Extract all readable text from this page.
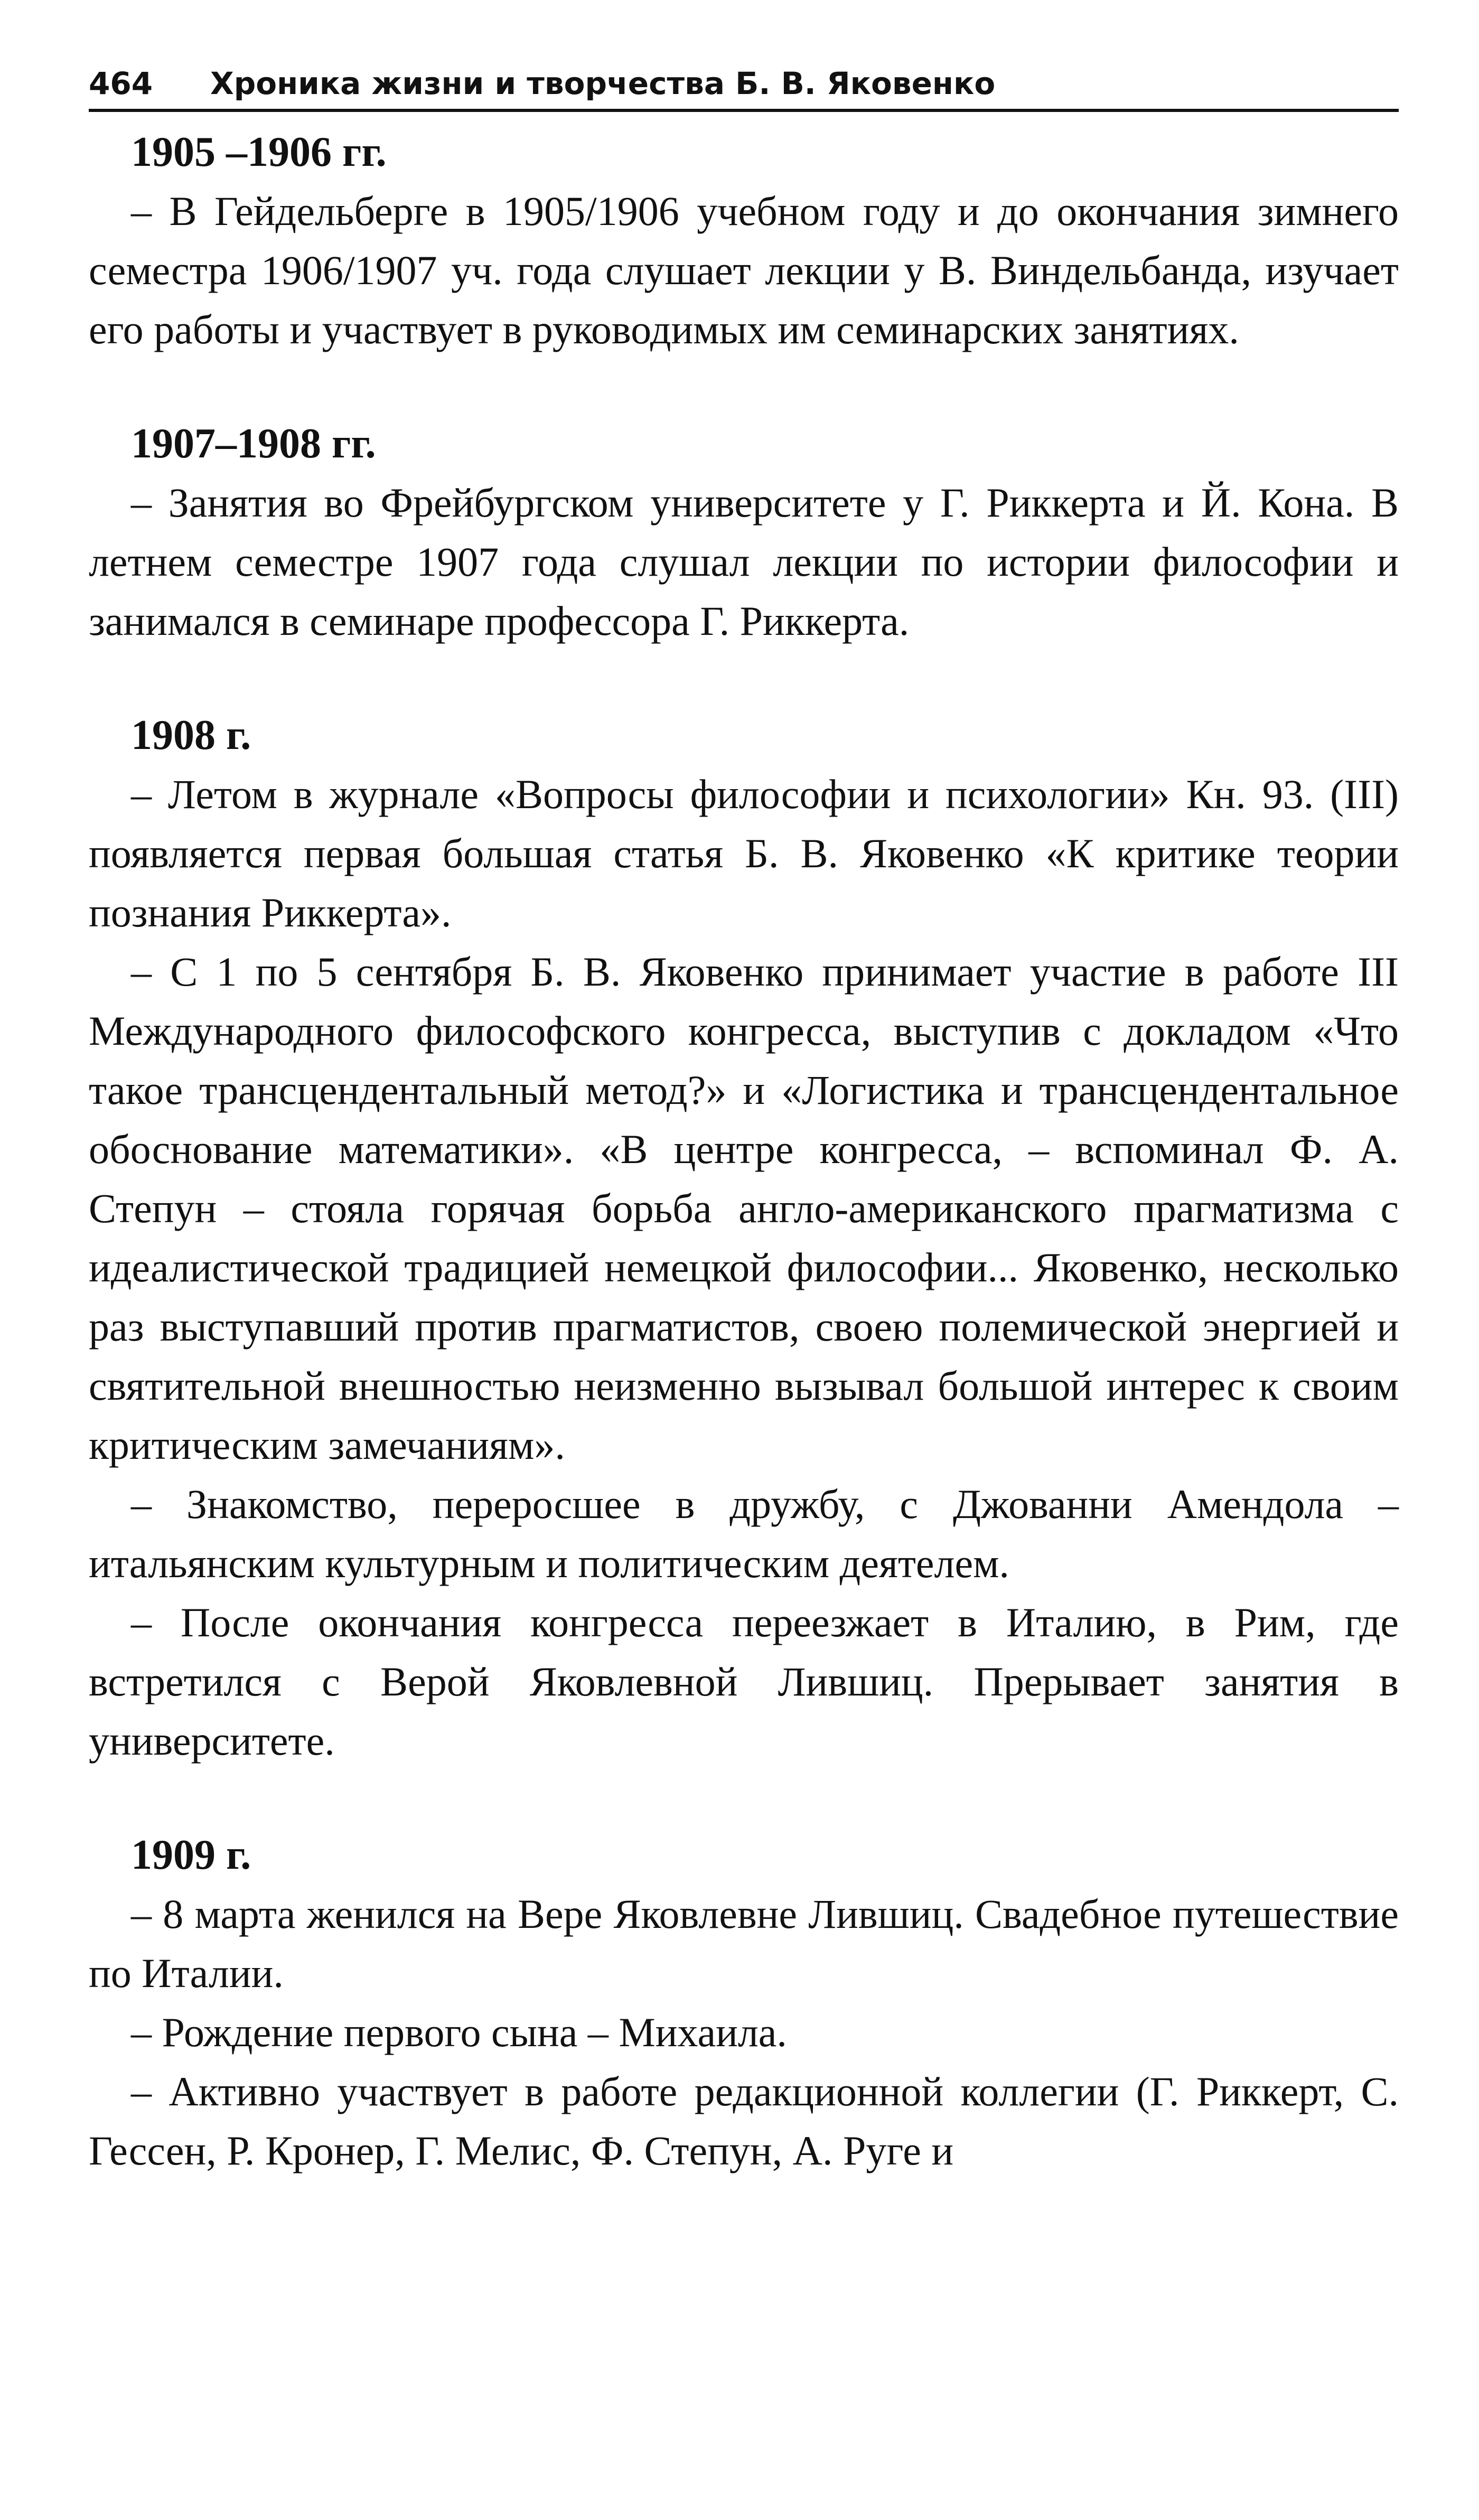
464 Хроника жизни и творчества Б. В. Яковенко
1905 –1906 гг.

– В Гейдельберге в 1905/1906 учебном году и до окончания зимнего семестра 1906/1907 уч. года слушает лекции у В. Виндельбанда, изучает его работы и участвует в руководимых им семинарских занятиях.

1907–1908 гг.

– Занятия во Фрейбургском университете у Г. Риккерта и Й. Кона. В летнем семестре 1907 года слушал лекции по истории философии и занимался в семинаре профессора Г. Риккерта.

1908 г.

– Летом в журнале «Вопросы философии и психологии» Кн. 93. (III) появляется первая большая статья Б. В. Яковенко «К критике теории познания Риккерта».

– С 1 по 5 сентября Б. В. Яковенко принимает участие в работе III Международного философского конгресса, выступив с докладом «Что такое трансцендентальный метод?» и «Логистика и трансцендентальное обоснование математики». «В центре конгресса, – вспоминал Ф. А. Степун – стояла горячая борьба англо-американского прагматизма с идеалистической традицией немецкой философии... Яковенко, несколько раз выступавший против прагматистов, своею полемической энергией и святительной внешностью неизменно вызывал большой интерес к своим критическим замечаниям».

– Знакомство, переросшее в дружбу, с Джованни Амендола – итальянским культурным и политическим деятелем.

– После окончания конгресса переезжает в Италию, в Рим, где встретился с Верой Яковлевной Лившиц. Прерывает занятия в университете.

1909 г.

– 8 марта женился на Вере Яковлевне Лившиц. Свадебное путешествие по Италии.

– Рождение первого сына – Михаила.

– Активно участвует в работе редакционной коллегии (Г. Риккерт, С. Гессен, Р. Кронер, Г. Мелис, Ф. Степун, А. Руге и
